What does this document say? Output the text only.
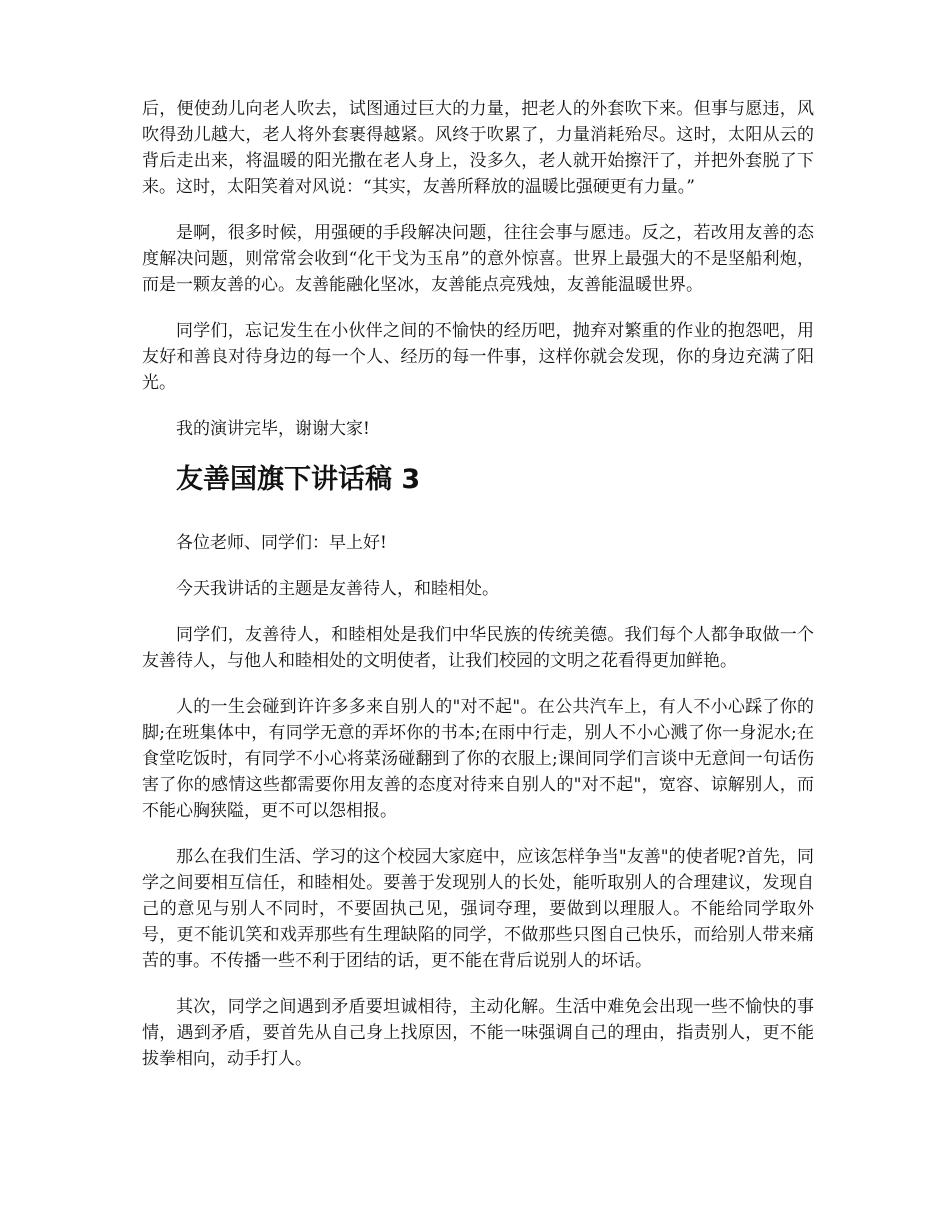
后，便使劲儿向老人吹去，试图通过巨大的力量，把老人的外套吹下来。但事与愿违，风吹得劲儿越大，老人将外套裹得越紧。风终于吹累了，力量消耗殆尽。这时，太阳从云的背后走出来，将温暖的阳光撒在老人身上，没多久，老人就开始擦汗了，并把外套脱了下来。这时，太阳笑着对风说：“其实，友善所释放的温暖比强硬更有力量。”

是啊，很多时候，用强硬的手段解决问题，往往会事与愿违。反之，若改用友善的态度解决问题，则常常会收到“化干戈为玉帛”的意外惊喜。世界上最强大的不是坚船利炮，而是一颗友善的心。友善能融化坚冰，友善能点亮残烛，友善能温暖世界。

同学们，忘记发生在小伙伴之间的不愉快的经历吧，抛弃对繁重的作业的抱怨吧，用友好和善良对待身边的每一个人、经历的每一件事，这样你就会发现，你的身边充满了阳光。

我的演讲完毕，谢谢大家!

友善国旗下讲话稿 3

各位老师、同学们：早上好!

今天我讲话的主题是友善待人，和睦相处。

同学们，友善待人，和睦相处是我们中华民族的传统美德。我们每个人都争取做一个友善待人，与他人和睦相处的文明使者，让我们校园的文明之花看得更加鲜艳。

人的一生会碰到许许多多来自别人的"对不起"。在公共汽车上，有人不小心踩了你的脚;在班集体中，有同学无意的弄坏你的书本;在雨中行走，别人不小心溅了你一身泥水;在食堂吃饭时，有同学不小心将菜汤碰翻到了你的衣服上;课间同学们言谈中无意间一句话伤害了你的感情这些都需要你用友善的态度对待来自别人的"对不起"，宽容、谅解别人，而不能心胸狭隘，更不可以怨相报。

那么在我们生活、学习的这个校园大家庭中，应该怎样争当"友善"的使者呢?首先，同学之间要相互信任，和睦相处。要善于发现别人的长处，能听取别人的合理建议，发现自己的意见与别人不同时，不要固执己见，强词夺理，要做到以理服人。不能给同学取外号，更不能讥笑和戏弄那些有生理缺陷的同学，不做那些只图自己快乐，而给别人带来痛苦的事。不传播一些不利于团结的话，更不能在背后说别人的坏话。

其次，同学之间遇到矛盾要坦诚相待，主动化解。生活中难免会出现一些不愉快的事情，遇到矛盾，要首先从自己身上找原因，不能一味强调自己的理由，指责别人，更不能拔拳相向，动手打人。
